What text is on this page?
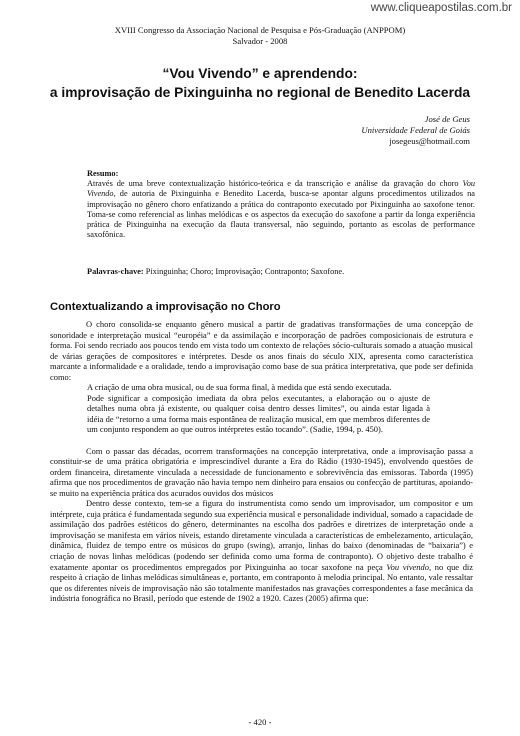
www.cliqueapostilas.com.br
XVIII Congresso da Associação Nacional de Pesquisa e Pós-Graduação (ANPPOM)
Salvador - 2008
“Vou Vivendo” e aprendendo:
a improvisação de Pixinguinha no regional de Benedito Lacerda
José de Geus
Universidade Federal de Goiás
josegeus@hotmail.com
Resumo:
Através de uma breve contextualização histórico-teórica e da transcrição e análise da gravação do choro Vou Vivendo, de autoria de Pixinguinha e Benedito Lacerda, busca-se apontar alguns procedimentos utilizados na improvisação no gênero choro enfatizando a prática do contraponto executado por Pixinguinha ao saxofone tenor. Toma-se como referencial as linhas melódicas e os aspectos da execução do saxofone a partir da longa experiência prática de Pixinguinha na execução da flauta transversal, não seguindo, portanto as escolas de performance saxofônica.
Palavras-chave: Pixinguinha; Choro; Improvisação; Contraponto; Saxofone.
Contextualizando a improvisação no Choro

O choro consolida-se enquanto gênero musical a partir de gradativas transformações de uma concepção de sonoridade e interpretação musical “européia” e da assimilação e incorporação de padrões composicionais de estrutura e forma. Foi sendo recriado aos poucos tendo em vista todo um contexto de relações sócio-culturais somado a atuação musical de várias gerações de compositores e intérpretes. Desde os anos finais do século XIX, apresenta como característica marcante a informalidade e a oralidade, tendo a improvisação como base de sua prática interpretativa, que pode ser definida como:

A criação de uma obra musical, ou de sua forma final, à medida que está sendo executada.

Pode significar a composição imediata da obra pelos executantes, a elaboração ou o ajuste de detalhes numa obra já existente, ou qualquer coisa dentro desses limites”, ou ainda estar ligada à idéia de “retorno a uma forma mais espontânea de realização musical, em que membros diferentes de um conjunto respondem ao que outros intérpretes estão tocando”. (Sadie, 1994, p. 450).

Com o passar das décadas, ocorrem transformações na concepção interpretativa, onde a improvisação passa a constituir-se de uma prática obrigatória e imprescindível durante a Era do Rádio (1930-1945), envolvendo questões de ordem financeira, diretamente vinculada a necessidade de funcionamento e sobrevivência das emissoras. Taborda (1995) afirma que nos procedimentos de gravação não havia tempo nem dinheiro para ensaios ou confecção de partituras, apoiando-se muito na experiência prática dos acurados ouvidos dos músicos

Dentro desse contexto, tem-se a figura do instrumentista como sendo um improvisador, um compositor e um intérprete, cuja prática é fundamentada segundo sua experiência musical e personalidade individual, somado a capacidade de assimilação dos padrões estéticos do gênero, determinantes na escolha dos padrões e diretrizes de interpretação onde a improvisação se manifesta em vários níveis, estando diretamente vinculada a características de embelezamento, articulação, dinâmica, fluidez de tempo entre os músicos do grupo (swing), arranjo, linhas do baixo (denominadas de “baixaria”) e criação de novas linhas melódicas (podendo ser definida como uma forma de contraponto). O objetivo deste trabalho é exatamente apontar os procedimentos empregados por Pixinguinha ao tocar saxofone na peça Vou vivendo, no que diz respeito à criação de linhas melódicas simultâneas e, portanto, em contraponto à melodia principal. No entanto, vale ressaltar que os diferentes níveis de improvisação não são totalmente manifestados nas gravações correspondentes a fase mecânica da indústria fonográfica no Brasil, período que estende de 1902 a 1920. Cazes (2005) afirma que:

- 420 -
